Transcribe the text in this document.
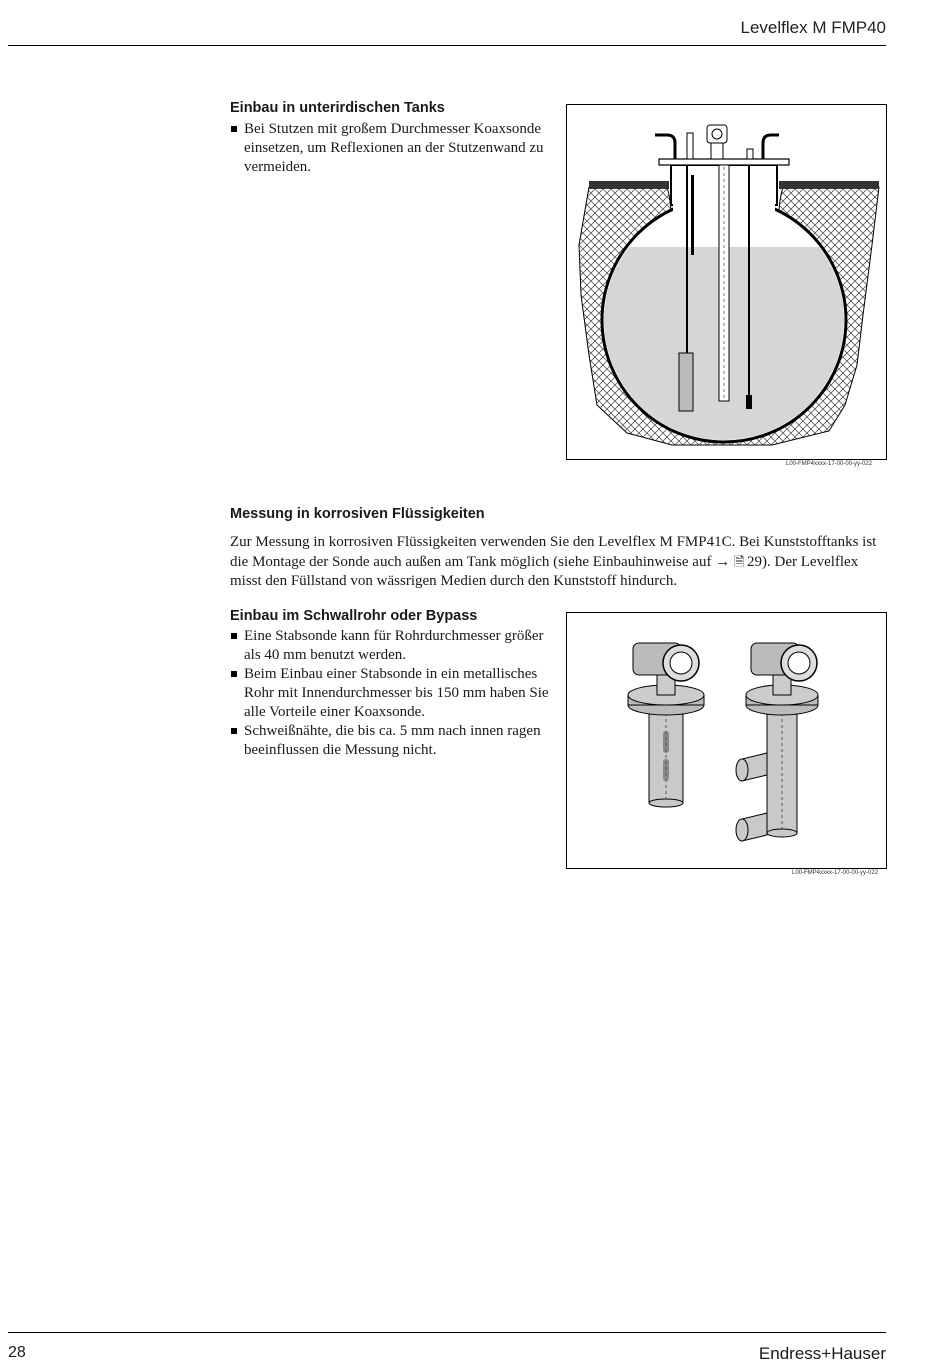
Levelflex M FMP40
Einbau in unterirdischen Tanks
Bei Stutzen mit großem Durchmesser Koaxsonde einsetzen, um Reflexionen an der Stutzenwand zu vermeiden.
L00-FMP4xxxx-17-00-00-yy-022
Messung in korrosiven Flüssigkeiten
Zur Messung in korrosiven Flüssigkeiten verwenden Sie den Levelflex M FMP41C. Bei Kunststofftanks ist die Montage der Sonde auch außen am Tank möglich (siehe Einbauhinweise auf → 🗎 29). Der Levelflex misst den Füllstand von wässrigen Medien durch den Kunststoff hindurch.
Einbau im Schwallrohr oder Bypass
Eine Stabsonde kann für Rohrdurchmesser größer als 40 mm benutzt werden.
Beim Einbau einer Stabsonde in ein metallisches Rohr mit Innendurchmesser bis 150 mm haben Sie alle Vorteile einer Koaxsonde.
Schweißnähte, die bis ca. 5 mm nach innen ragen beeinflussen die Messung nicht.
L00-FMP4xxxx-17-00-00-yy-022
28	Endress+Hauser
